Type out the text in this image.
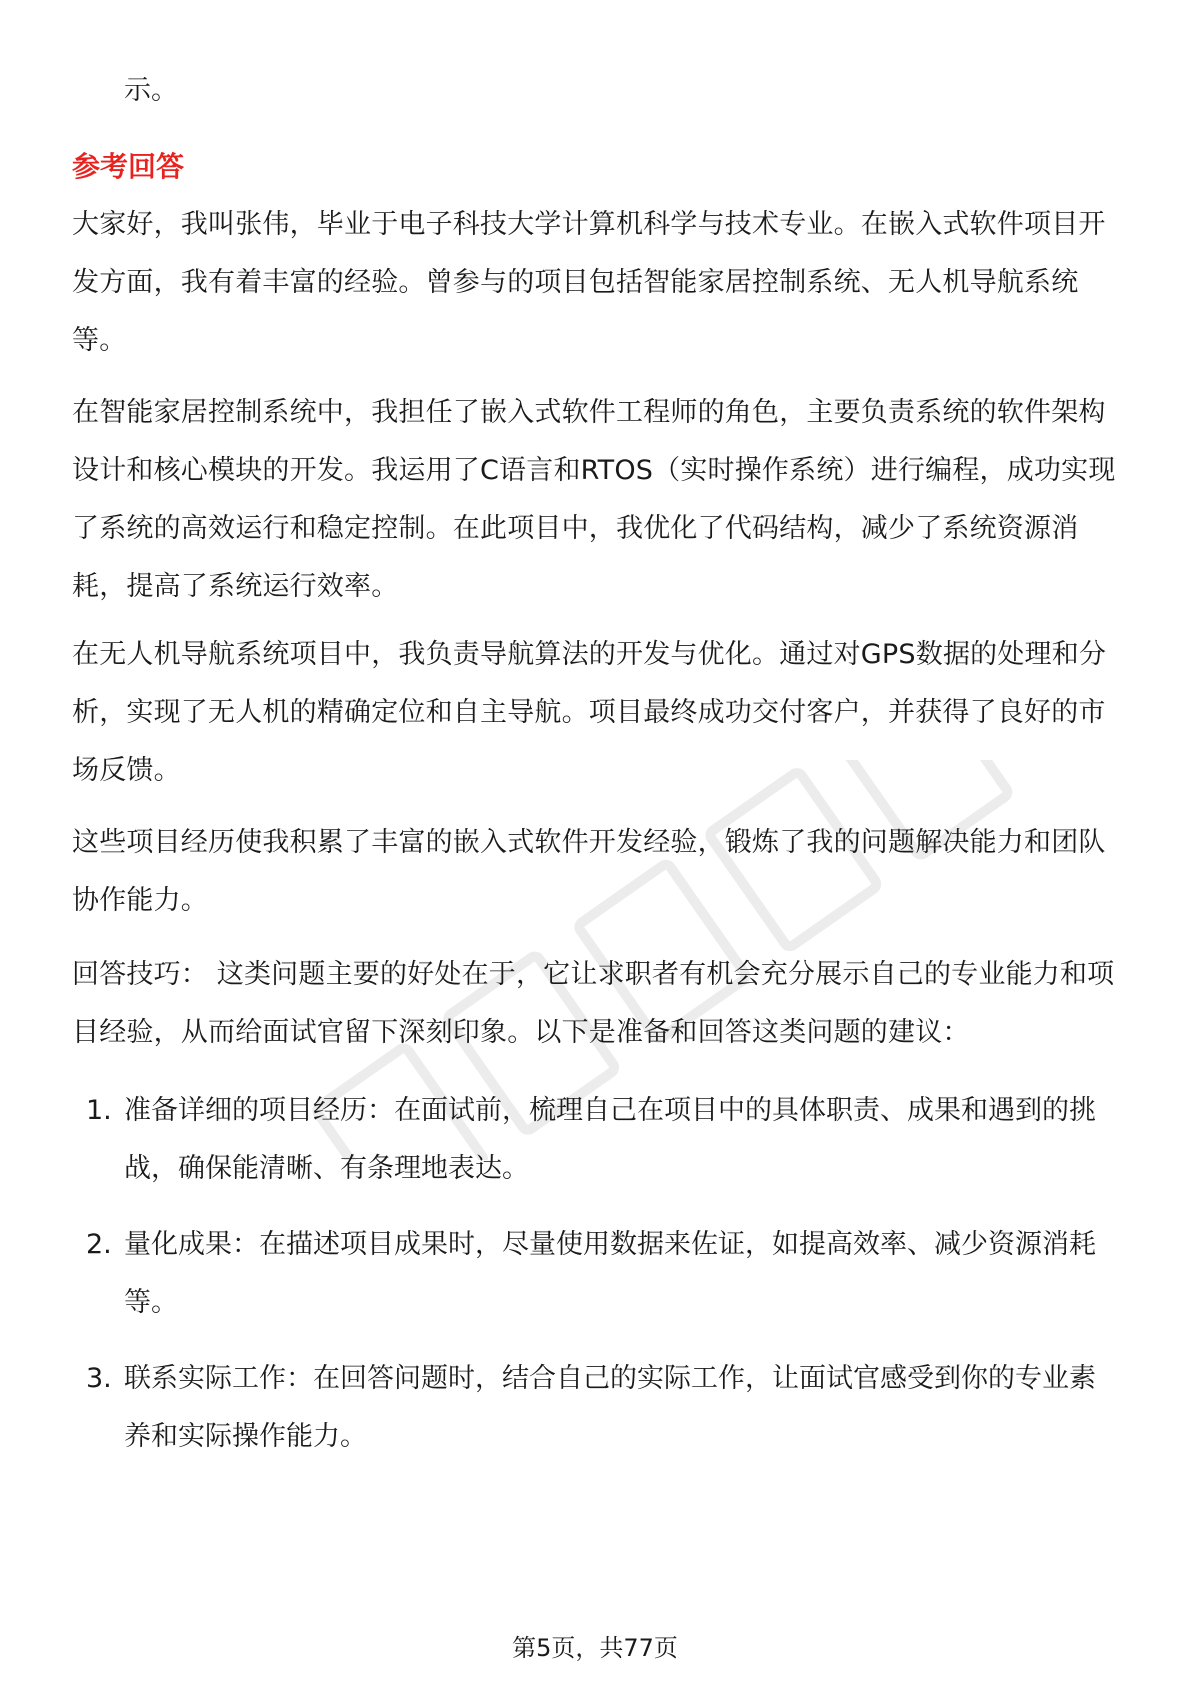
示。
参考回答
大家好，我叫张伟，毕业于电子科技大学计算机科学与技术专业。在嵌入式软件项目开发方面，我有着丰富的经验。曾参与的项目包括智能家居控制系统、无人机导航系统等。
在智能家居控制系统中，我担任了嵌入式软件工程师的角色，主要负责系统的软件架构设计和核心模块的开发。我运用了C语言和RTOS（实时操作系统）进行编程，成功实现了系统的高效运行和稳定控制。在此项目中，我优化了代码结构，减少了系统资源消耗，提高了系统运行效率。
在无人机导航系统项目中，我负责导航算法的开发与优化。通过对GPS数据的处理和分析，实现了无人机的精确定位和自主导航。项目最终成功交付客户，并获得了良好的市场反馈。
这些项目经历使我积累了丰富的嵌入式软件开发经验，锻炼了我的问题解决能力和团队协作能力。
回答技巧： 这类问题主要的好处在于，它让求职者有机会充分展示自己的专业能力和项目经验，从而给面试官留下深刻印象。以下是准备和回答这类问题的建议：
1. 准备详细的项目经历：在面试前，梳理自己在项目中的具体职责、成果和遇到的挑战，确保能清晰、有条理地表达。
2. 量化成果：在描述项目成果时，尽量使用数据来佐证，如提高效率、减少资源消耗等。
3. 联系实际工作：在回答问题时，结合自己的实际工作，让面试官感受到你的专业素养和实际操作能力。
第5页，共77页
